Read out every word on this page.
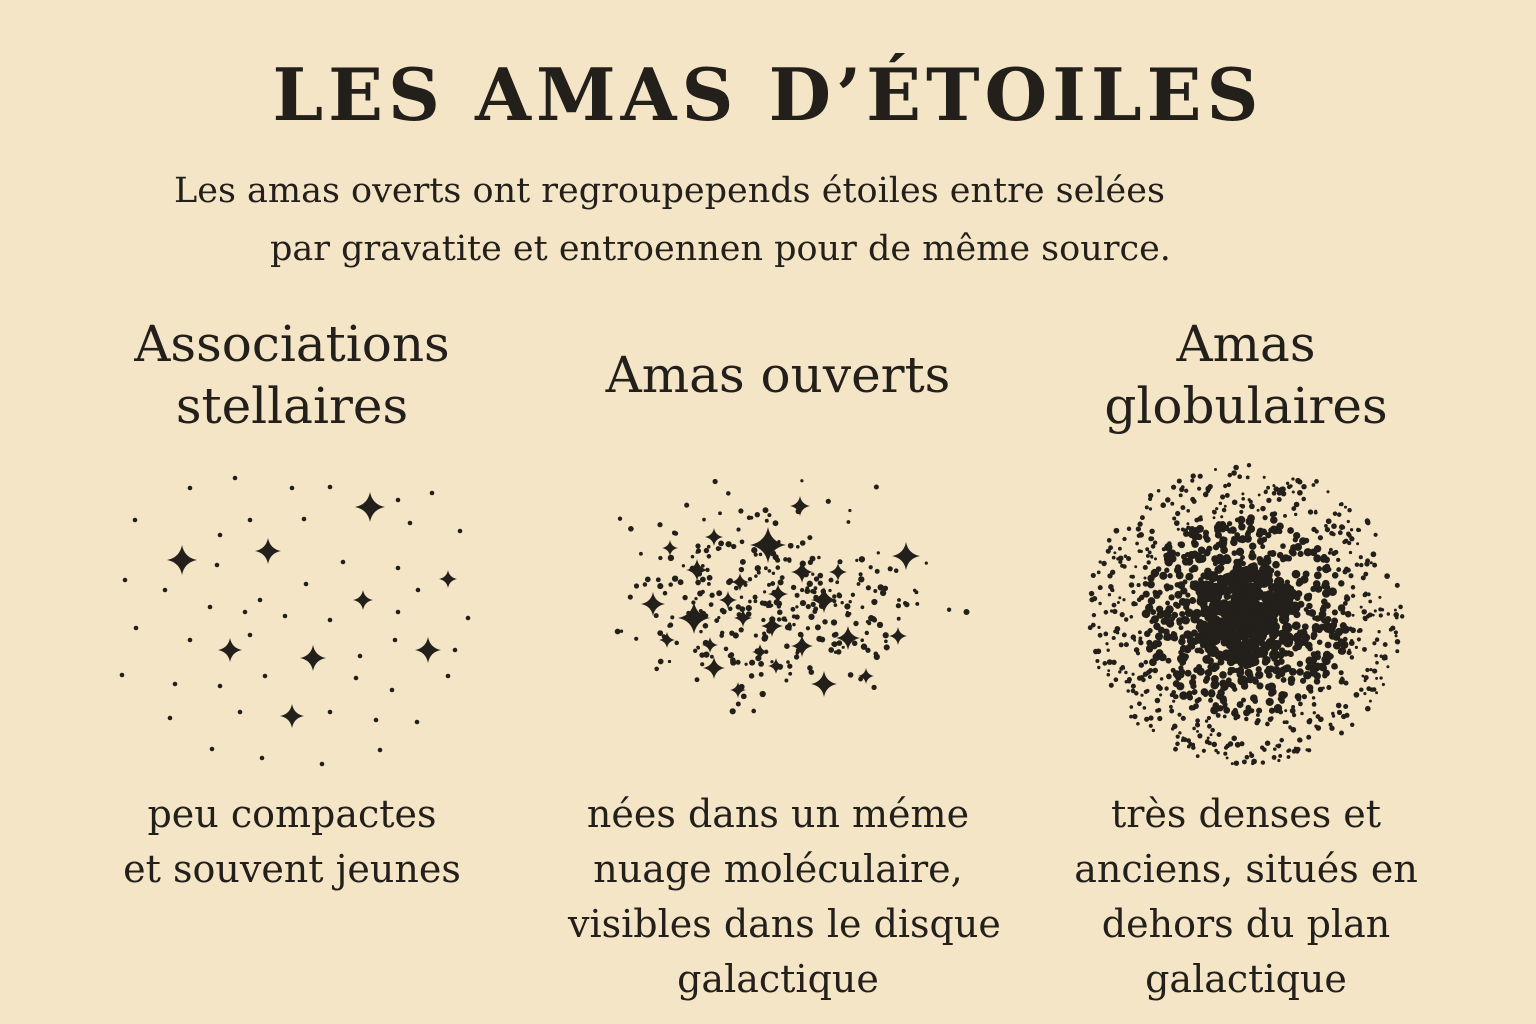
LES AMAS D’ÉTOILES
Les amas overts ont regroupepends étoiles entre selées
par gravatite et entroennen pour de même source.
Associations
stellaires
peu compactes
et souvent jeunes
Amas ouverts
nées dans un méme
nuage moléculaire,
visibles dans le disque
galactique
Amas
globulaires
très denses et
anciens, situés en
dehors du plan
galactique
